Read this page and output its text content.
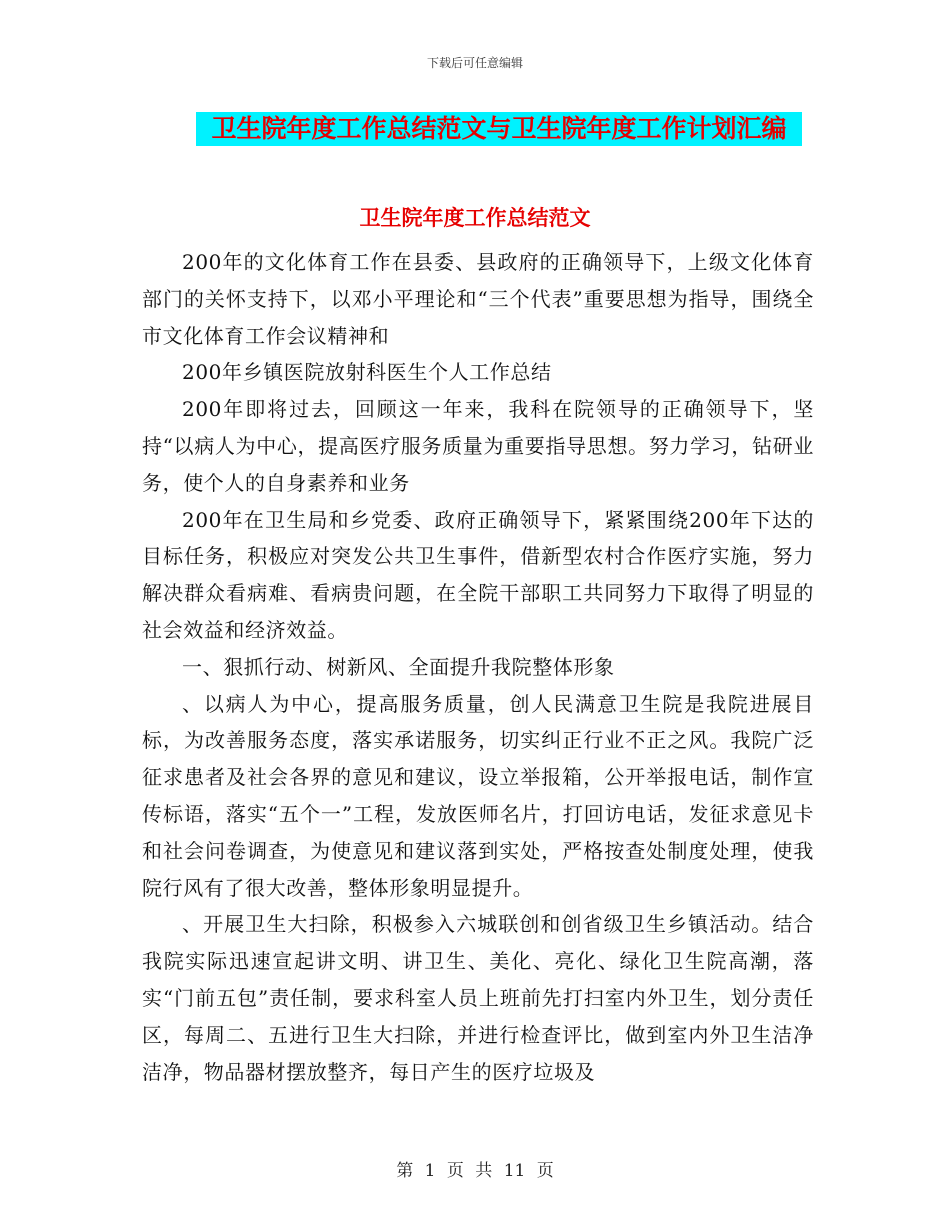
下载后可任意编辑
卫生院年度工作总结范文与卫生院年度工作计划汇编
卫生院年度工作总结范文

200年的文化体育工作在县委、县政府的正确领导下，上级文化体育部门的关怀支持下，以邓小平理论和“三个代表”重要思想为指导，围绕全市文化体育工作会议精神和

200年乡镇医院放射科医生个人工作总结

200年即将过去，回顾这一年来，我科在院领导的正确领导下，坚持“以病人为中心，提高医疗服务质量为重要指导思想。努力学习，钻研业务，使个人的自身素养和业务

200年在卫生局和乡党委、政府正确领导下，紧紧围绕200年下达的目标任务，积极应对突发公共卫生事件，借新型农村合作医疗实施，努力解决群众看病难、看病贵问题，在全院干部职工共同努力下取得了明显的社会效益和经济效益。

一、狠抓行动、树新风、全面提升我院整体形象

、以病人为中心，提高服务质量，创人民满意卫生院是我院进展目标，为改善服务态度，落实承诺服务，切实纠正行业不正之风。我院广泛征求患者及社会各界的意见和建议，设立举报箱，公开举报电话，制作宣传标语，落实“五个一”工程，发放医师名片，打回访电话，发征求意见卡和社会问卷调查，为使意见和建议落到实处，严格按查处制度处理，使我院行风有了很大改善，整体形象明显提升。

、开展卫生大扫除，积极参入六城联创和创省级卫生乡镇活动。结合我院实际迅速宣起讲文明、讲卫生、美化、亮化、绿化卫生院高潮，落实“门前五包”责任制，要求科室人员上班前先打扫室内外卫生，划分责任区，每周二、五进行卫生大扫除，并进行检查评比，做到室内外卫生洁净洁净，物品器材摆放整齐，每日产生的医疗垃圾及

第 1 页 共 11 页
